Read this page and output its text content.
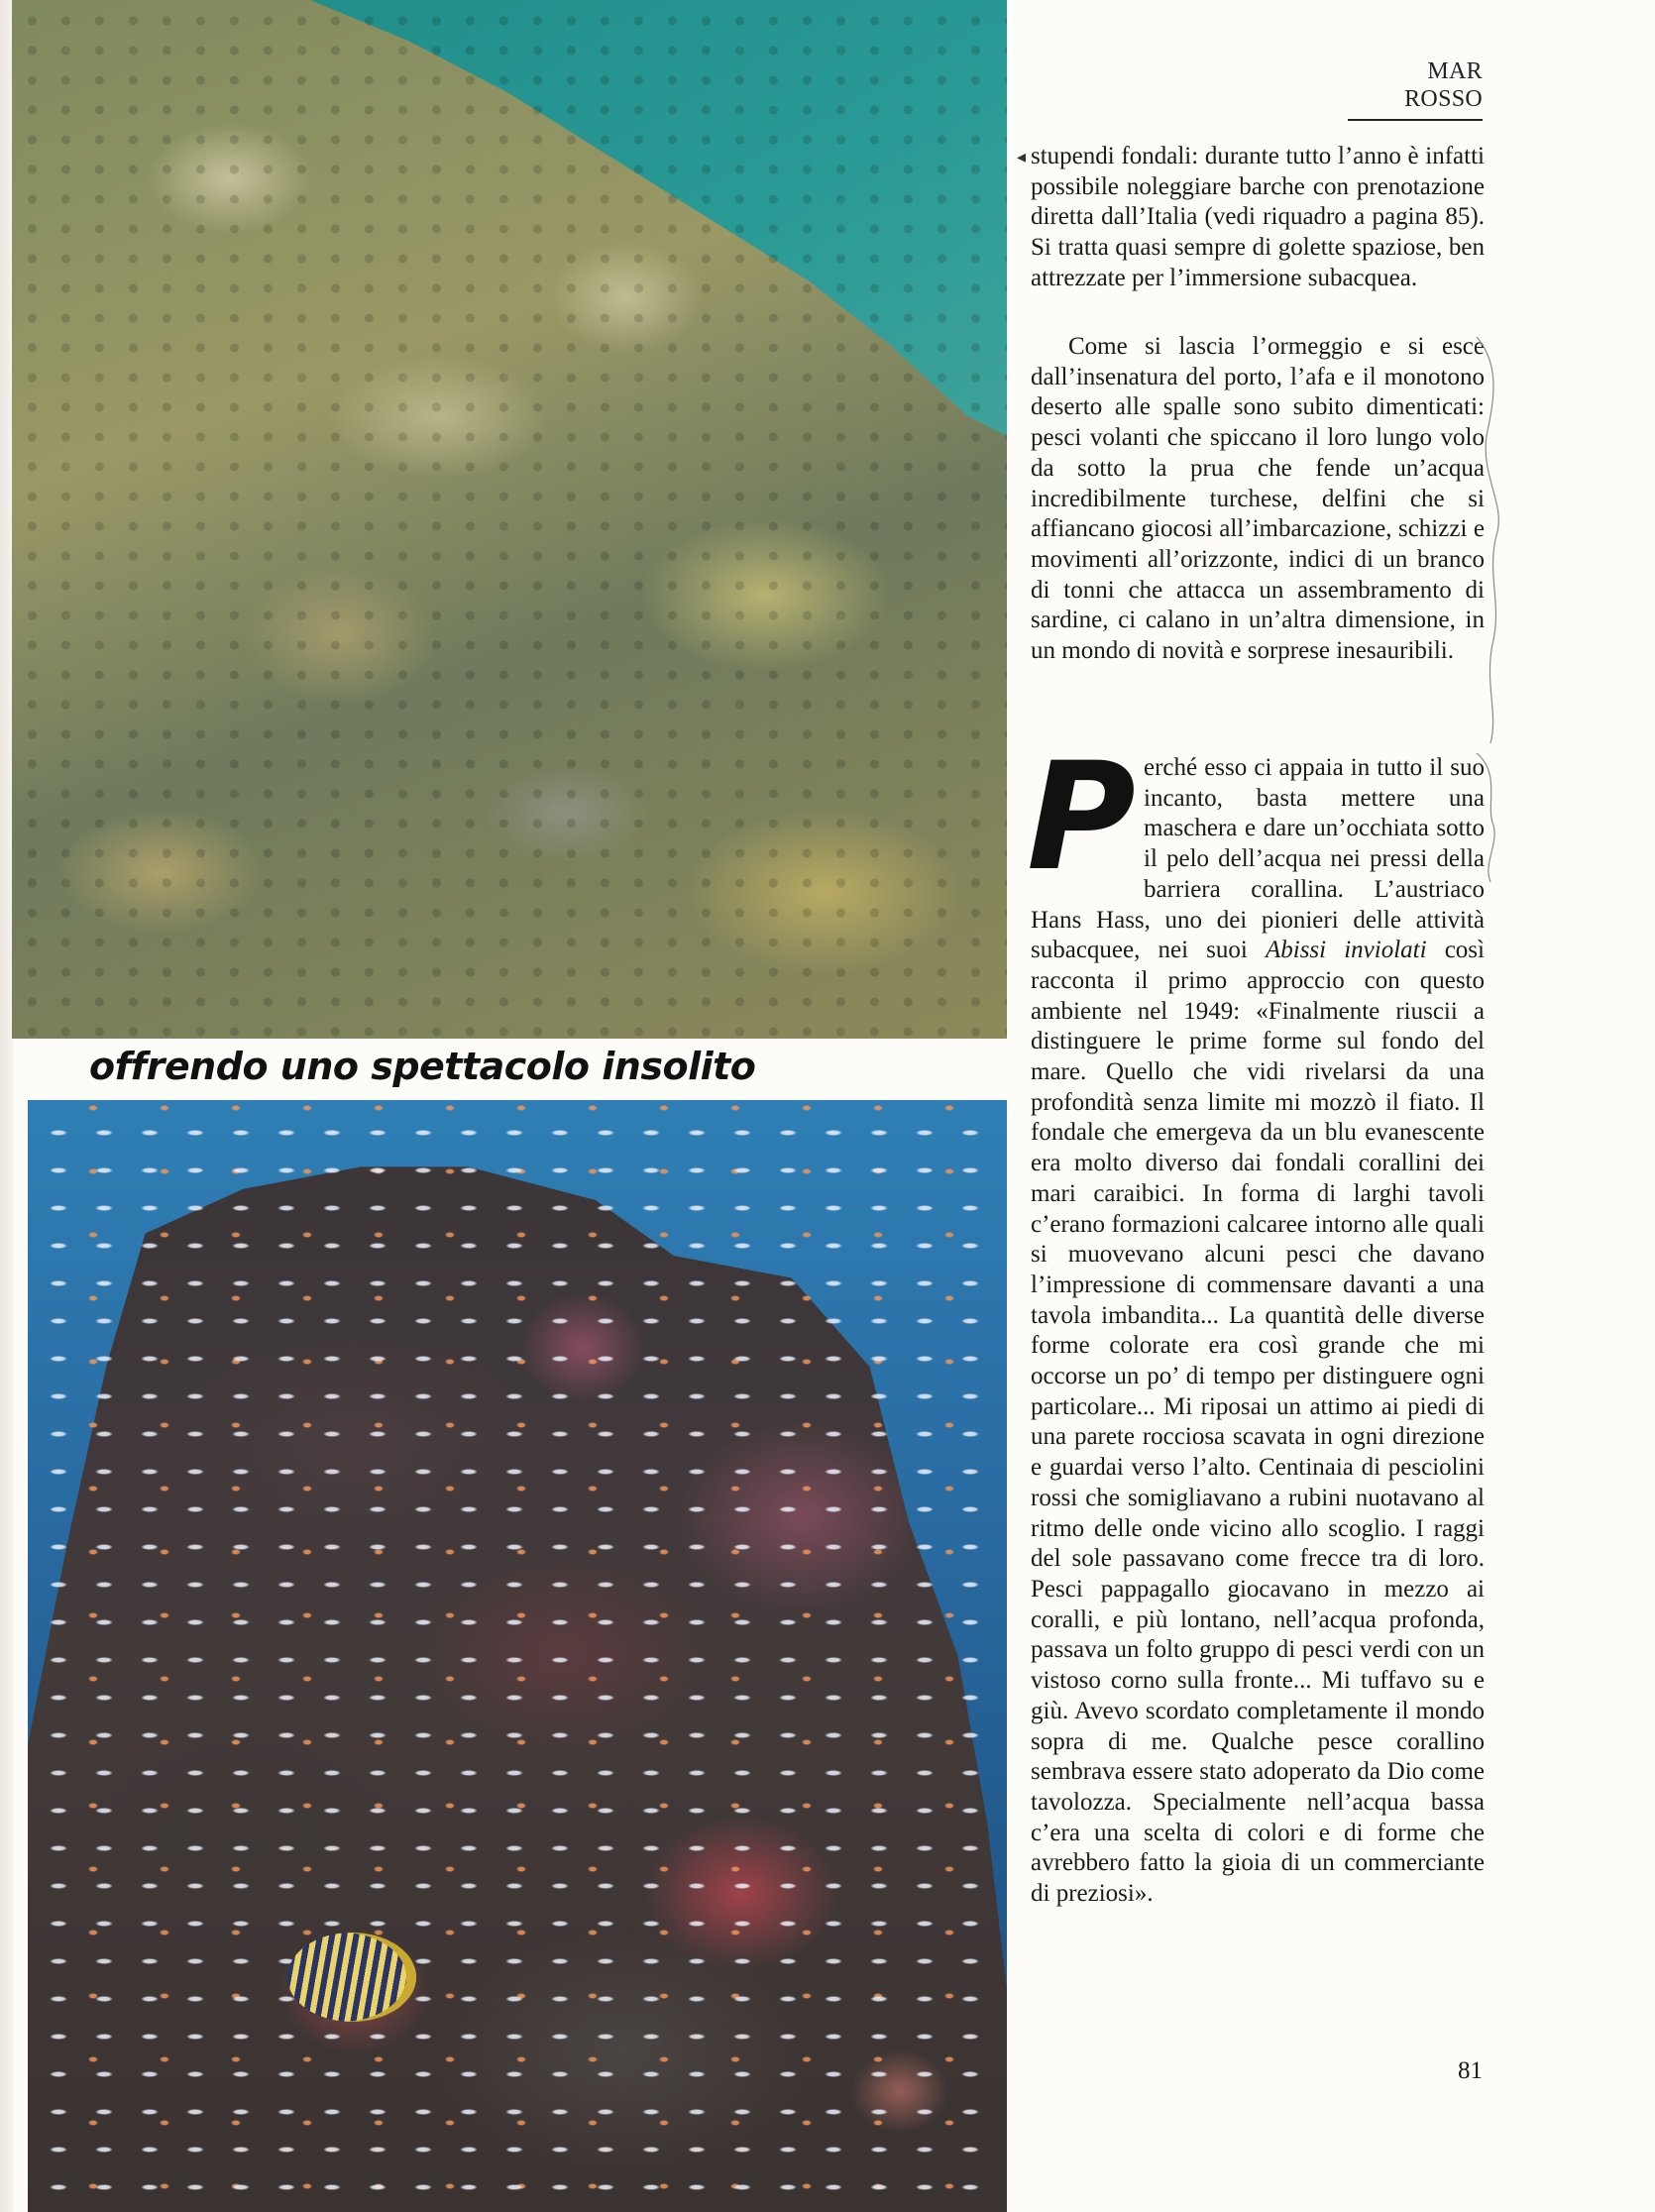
offrendo uno spettacolo insolito
MAR ROSSO
◂ stupendi fondali: durante tutto l’anno è infatti possibile noleggiare barche con prenotazione diretta dall’Italia (vedi riquadro a pagina 85). Si tratta quasi sempre di golette spaziose, ben attrezzate per l’immersione subacquea.

Come si lascia l’ormeggio e si esce dall’insenatura del porto, l’afa e il monotono deserto alle spalle sono subito dimenticati: pesci volanti che spiccano il loro lungo volo da sotto la prua che fende un’acqua incredibilmente turchese, delfini che si affiancano giocosi all’imbarcazione, schizzi e movimenti all’orizzonte, indici di un branco di tonni che attacca un assembramento di sardine, ci calano in un’altra dimensione, in un mondo di novità e sorprese inesauribili.

Perché esso ci appaia in tutto il suo incanto, basta mettere una maschera e dare un’occhiata sotto il pelo dell’acqua nei pressi della barriera corallina. L’austriaco Hans Hass, uno dei pionieri delle attività subacquee, nei suoi Abissi inviolati così racconta il primo approccio con questo ambiente nel 1949: «Finalmente riuscii a distinguere le prime forme sul fondo del mare. Quello che vidi rivelarsi da una profondità senza limite mi mozzò il fiato. Il fondale che emergeva da un blu evanescente era molto diverso dai fondali corallini dei mari caraibici. In forma di larghi tavoli c’erano formazioni calcaree intorno alle quali si muovevano alcuni pesci che davano l’impressione di commensare davanti a una tavola imbandita... La quantità delle diverse forme colorate era così grande che mi occorse un po’ di tempo per distinguere ogni particolare... Mi riposai un attimo ai piedi di una parete rocciosa scavata in ogni direzione e guardai verso l’alto. Centinaia di pesciolini rossi che somigliavano a rubini nuotavano al ritmo delle onde vicino allo scoglio. I raggi del sole passavano come frecce tra di loro. Pesci pappagallo giocavano in mezzo ai coralli, e più lontano, nell’acqua profonda, passava un folto gruppo di pesci verdi con un vistoso corno sulla fronte... Mi tuffavo su e giù. Avevo scordato completamente il mondo sopra di me. Qualche pesce corallino sembrava essere stato adoperato da Dio come tavolozza. Specialmente nell’acqua bassa c’era una scelta di colori e di forme che avrebbero fatto la gioia di un commerciante di preziosi».

81
